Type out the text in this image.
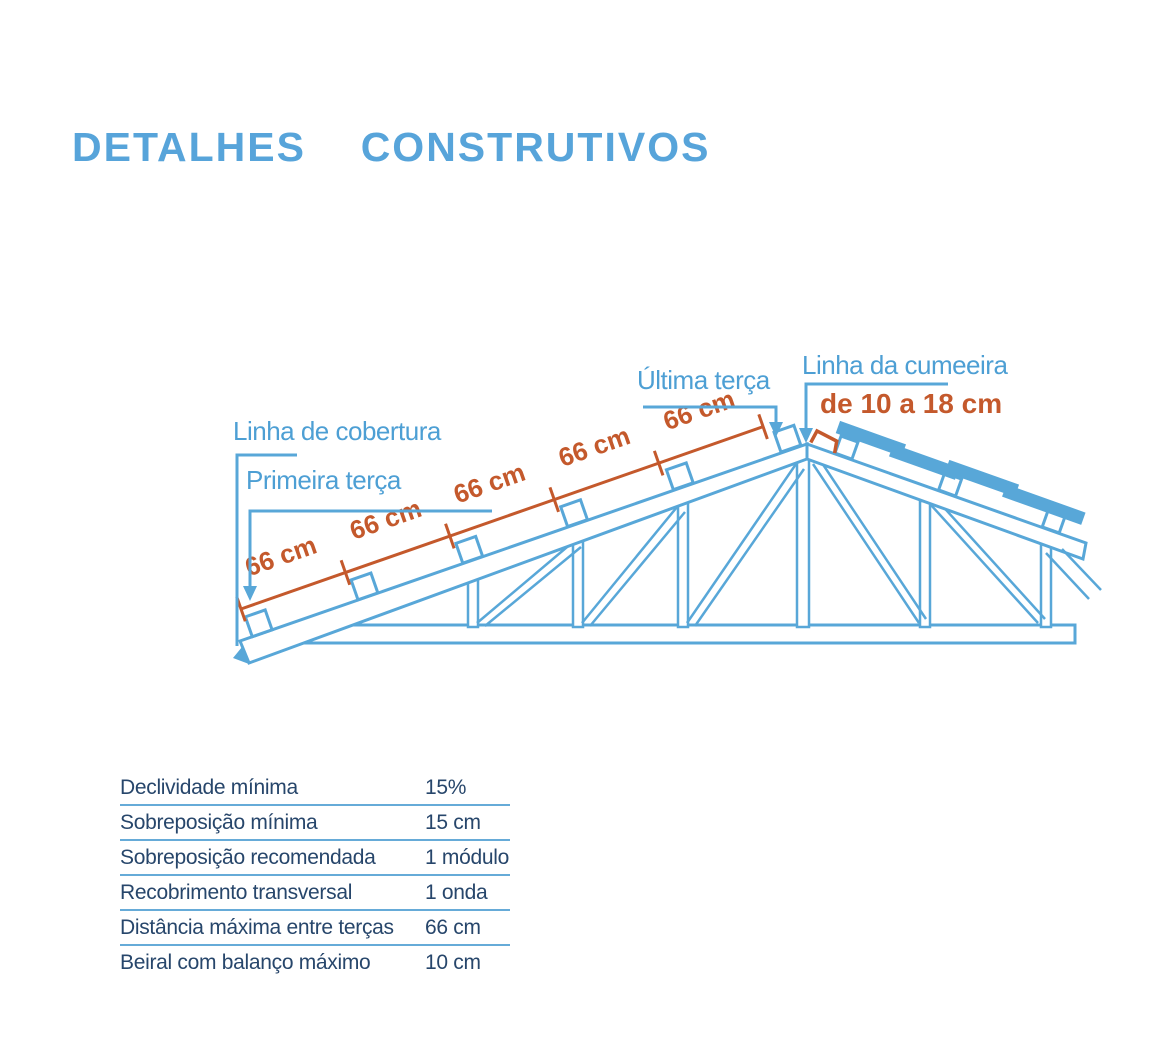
DETALHES  CONSTRUTIVOS
66 cm
66 cm
66 cm
66 cm
66 cm
Linha de cobertura
Primeira terça
Última terça Linha da cumeeira
de 10 a 18 cm
Declividade mínima	15%
Sobreposição mínima	15 cm
Sobreposição recomendada	1 módulo
Recobrimento transversal	1 onda
Distância máxima entre terças	66 cm
Beiral com balanço máximo	10 cm
